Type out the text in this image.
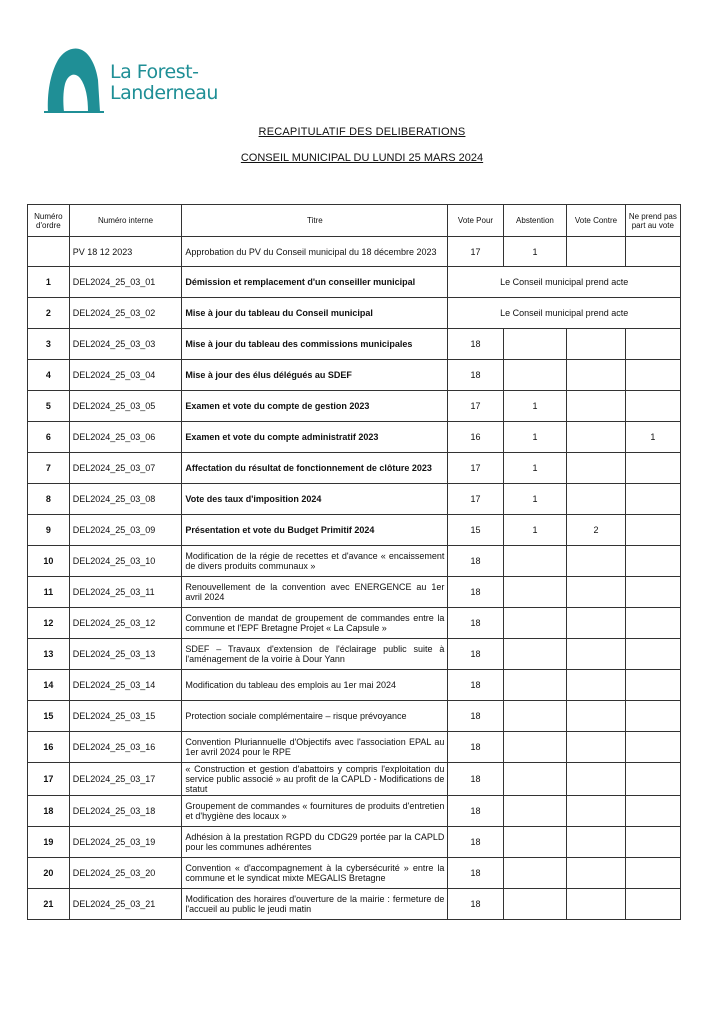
La Forest-
Landerneau
RECAPITULATIF DES DELIBERATIONS
CONSEIL MUNICIPAL DU LUNDI 25 MARS 2024
Numéro d'ordre	Numéro interne	Titre	Vote Pour	Abstention	Vote Contre	Ne prend pas part au vote
	PV 18 12 2023	Approbation du PV du Conseil municipal du 18 décembre 2023	17	1		
1	DEL2024_25_03_01	Démission et remplacement d'un conseiller municipal	Le Conseil municipal prend acte			
2	DEL2024_25_03_02	Mise à jour du tableau du Conseil municipal	Le Conseil municipal prend acte			
3	DEL2024_25_03_03	Mise à jour du tableau des commissions municipales	18			
4	DEL2024_25_03_04	Mise à jour des élus délégués au SDEF	18			
5	DEL2024_25_03_05	Examen et vote du compte de gestion 2023	17	1		
6	DEL2024_25_03_06	Examen et vote du compte administratif 2023	16	1		1
7	DEL2024_25_03_07	Affectation du résultat de fonctionnement de clôture 2023	17	1		
8	DEL2024_25_03_08	Vote des taux d'imposition 2024	17	1		
9	DEL2024_25_03_09	Présentation et vote du Budget Primitif 2024	15	1	2	
10	DEL2024_25_03_10	Modification de la régie de recettes et d'avance « encaissement de divers produits communaux »	18			
11	DEL2024_25_03_11	Renouvellement de la convention avec ENERGENCE au 1er avril 2024	18			
12	DEL2024_25_03_12	Convention de mandat de groupement de commandes entre la commune et l'EPF Bretagne Projet « La Capsule »	18			
13	DEL2024_25_03_13	SDEF – Travaux d'extension de l'éclairage public suite à l'aménagement de la voirie à Dour Yann	18			
14	DEL2024_25_03_14	Modification du tableau des emplois au 1er mai 2024	18			
15	DEL2024_25_03_15	Protection sociale complémentaire – risque prévoyance	18			
16	DEL2024_25_03_16	Convention Pluriannuelle d'Objectifs avec l'association EPAL au 1er avril 2024 pour le RPE	18			
17	DEL2024_25_03_17	« Construction et gestion d'abattoirs y compris l'exploitation du service public associé » au profit de la CAPLD - Modifications de statut	18			
18	DEL2024_25_03_18	Groupement de commandes « fournitures de produits d'entretien et d'hygiène des locaux »	18			
19	DEL2024_25_03_19	Adhésion à la prestation RGPD du CDG29 portée par la CAPLD pour les communes adhérentes	18			
20	DEL2024_25_03_20	Convention « d'accompagnement à la cybersécurité » entre la commune et le syndicat mixte MEGALIS Bretagne	18			
21	DEL2024_25_03_21	Modification des horaires d'ouverture de la mairie : fermeture de l'accueil au public le jeudi matin	18			
